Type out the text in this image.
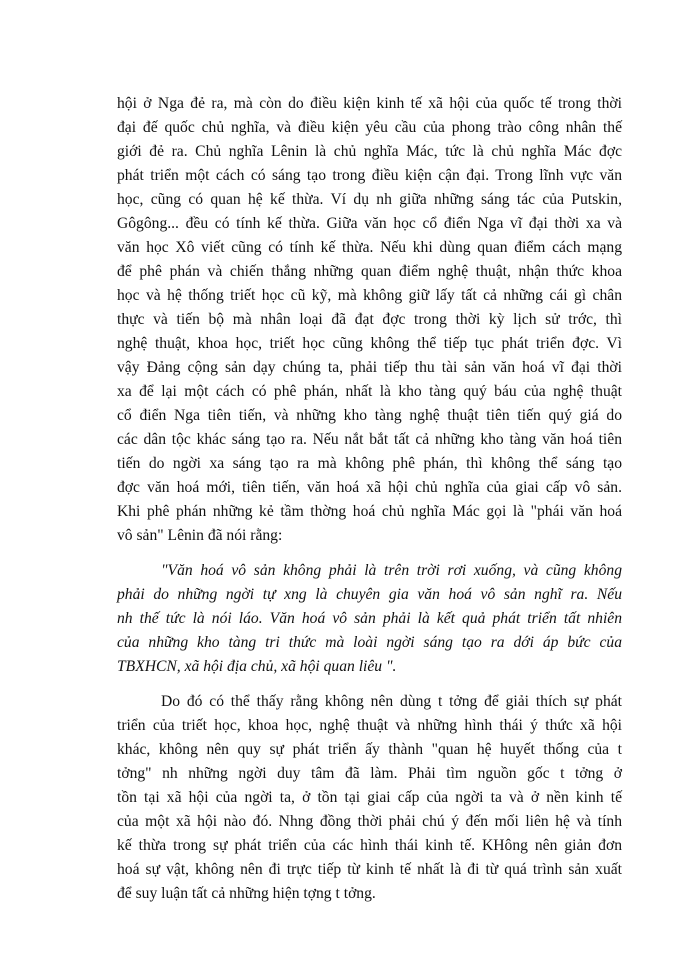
hội ở Nga đẻ ra, mà còn do điều kiện kinh tế xã hội của quốc tế trong thời
đại đế quốc chủ nghĩa, và điều kiện yêu cầu của phong trào công nhân thế
giới đẻ ra. Chủ nghĩa Lênin là chủ nghĩa Mác, tức là chủ nghĩa Mác đợc
phát triển một cách có sáng tạo trong điều kiện cận đại. Trong lĩnh vực văn
học, cũng có quan hệ kế thừa. Ví dụ nh giữa những sáng tác của Putskin,
Gôgông... đều có tính kế thừa. Giữa văn học cổ điển Nga vĩ đại thời xa và
văn học Xô viết cũng có tính kế thừa. Nếu khi dùng quan điểm cách mạng
để phê phán và chiến thắng những quan điểm nghệ thuật, nhận thức khoa
học và hệ thống triết học cũ kỹ, mà không giữ lấy tất cả những cái gì chân
thực và tiến bộ mà nhân loại đã đạt đợc trong thời kỳ lịch sử trớc, thì
nghệ thuật, khoa học, triết học cũng không thể tiếp tục phát triển đợc. Vì
vậy Đảng cộng sản dạy chúng ta, phải tiếp thu tài sản văn hoá vĩ đại thời
xa để lại một cách có phê phán, nhất là kho tàng quý báu của nghệ thuật
cổ điển Nga tiên tiến, và những kho tàng nghệ thuật tiên tiến quý giá do
các dân tộc khác sáng tạo ra. Nếu nắt bắt tất cả những kho tàng văn hoá tiên
tiến do ngời xa sáng tạo ra mà không phê phán, thì không thể sáng tạo
đợc văn hoá mới, tiên tiến, văn hoá xã hội chủ nghĩa của giai cấp vô sản.
Khi phê phán những kẻ tầm thờng hoá chủ nghĩa Mác gọi là "phái văn hoá
vô sản" Lênin đã nói rằng:
"Văn hoá vô sản không phải là trên trời rơi xuống, và cũng không
phải do những ngời tự xng là chuyên gia văn hoá vô sản nghĩ ra. Nếu
nh thế tức là nói láo. Văn hoá vô sản phải là kết quả phát triển tất nhiên
của những kho tàng tri thức mà loài ngời sáng tạo ra dới áp bức của
TBXHCN, xã hội địa chủ, xã hội quan liêu ".
Do đó có thể thấy rằng không nên dùng t tởng để giải thích sự phát
triển của triết học, khoa học, nghệ thuật và những hình thái ý thức xã hội
khác, không nên quy sự phát triển ấy thành "quan hệ huyết thống của t
tởng" nh những ngời duy tâm đã làm. Phải tìm nguồn gốc t tởng ở
tồn tại xã hội của ngời ta, ở tồn tại giai cấp của ngời ta và ở nền kinh tế
của một xã hội nào đó. Nhng đồng thời phải chú ý đến mối liên hệ và tính
kế thừa trong sự phát triển của các hình thái kinh tế. KHông nên giản đơn
hoá sự vật, không nên đi trực tiếp từ kinh tế nhất là đi từ quá trình sản xuất
để suy luận tất cả những hiện tợng t tởng.
